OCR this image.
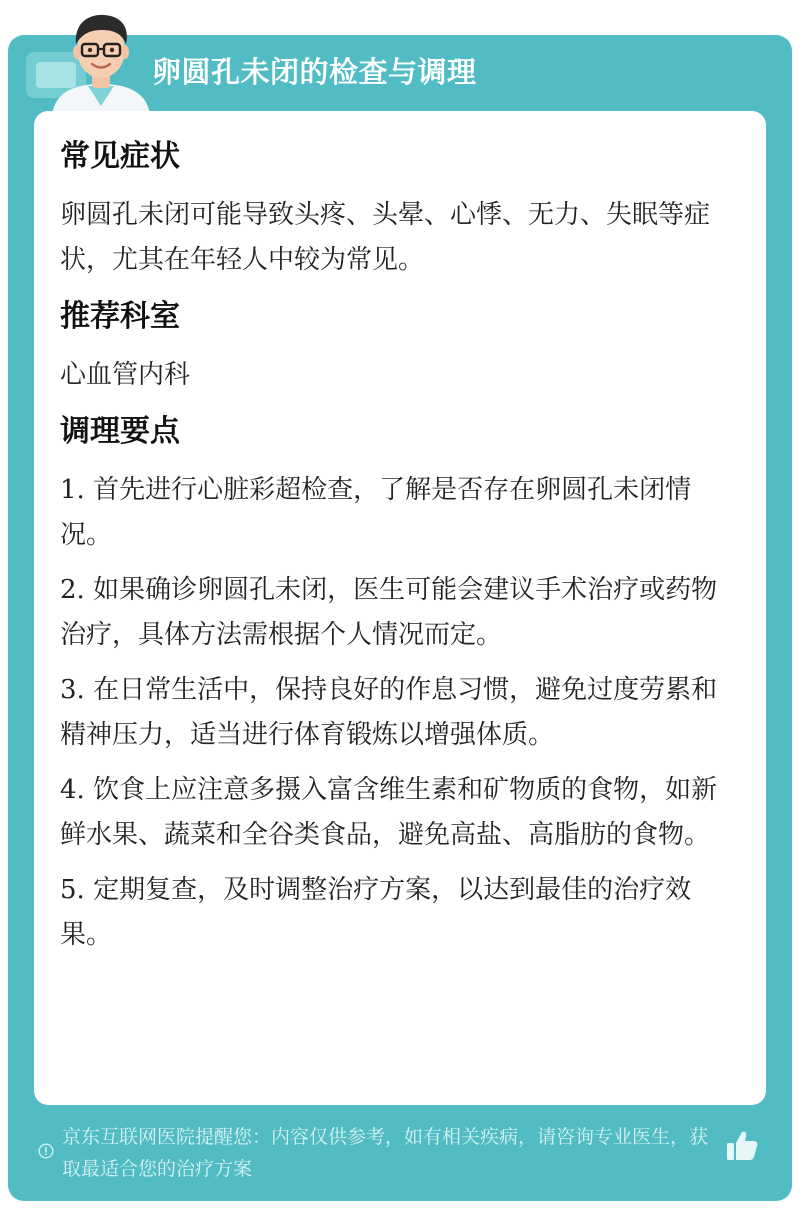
卵圆孔未闭的检查与调理
常见症状
卵圆孔未闭可能导致头疼、头晕、心悸、无力、失眠等症状，尤其在年轻人中较为常见。
推荐科室
心血管内科
调理要点
1. 首先进行心脏彩超检查，了解是否存在卵圆孔未闭情况。
2. 如果确诊卵圆孔未闭，医生可能会建议手术治疗或药物治疗，具体方法需根据个人情况而定。
3. 在日常生活中，保持良好的作息习惯，避免过度劳累和精神压力，适当进行体育锻炼以增强体质。
4. 饮食上应注意多摄入富含维生素和矿物质的食物，如新鲜水果、蔬菜和全谷类食品，避免高盐、高脂肪的食物。
5. 定期复查，及时调整治疗方案，以达到最佳的治疗效果。
京东互联网医院提醒您：内容仅供参考，如有相关疾病，请咨询专业医生，获取最适合您的治疗方案
